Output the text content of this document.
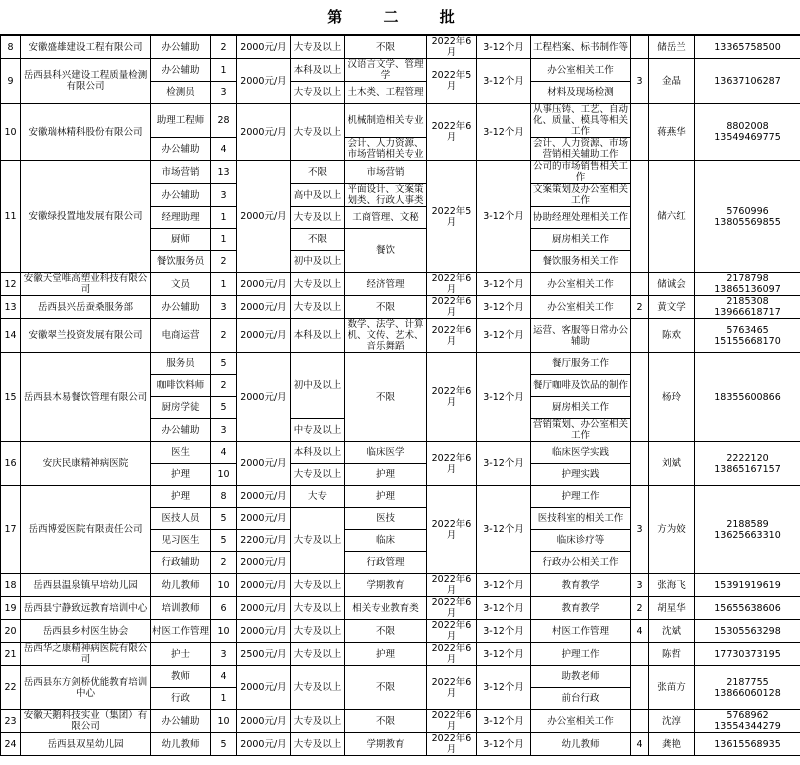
第 二 批
8	安徽盛雄建设工程有限公司	办公辅助	2	2000元/月	大专及以上	不限	2022年6月	3-12个月	工程档案、标书制作等		储岳兰	13365758500
9	岳西县科兴建设工程质量检测有限公司	办公辅助	1	2000元/月	本科及以上	汉语言文学、管理学	2022年5月	3-12个月	办公室相关工作	3	金晶	13637106287
		检测员	3		大专及以上	土木类、工程管理			材料及现场检测			
10	安徽瑞林精科股份有限公司	助理工程师	28	2000元/月	大专及以上	机械制造相关专业	2022年6月	3-12个月	从事压铸、工艺、自动化、质量、模具等相关工作		蒋燕华	8802008 13549469775
		办公辅助	4			会计、人力资源、市场营销相关专业			会计、人力资源、市场营销相关辅助工作			
11	安徽绿投置地发展有限公司	市场营销	13	2000元/月	不限	市场营销	2022年5月	3-12个月	公司的市场销售相关工作		储六红	5760996 13805569855
		办公辅助	3		高中及以上	平面设计、文案策划类、行政人事类			文案策划及办公室相关工作			
		经理助理	1		大专及以上	工商管理、文秘			协助经理处理相关工作			
		厨师	1		不限	餐饮			厨房相关工作			
		餐饮服务员	2		初中及以上				餐饮服务相关工作			
12	安徽天堂唯高塑业科技有限公司	文员	1	2000元/月	大专及以上	经济管理	2022年6月	3-12个月	办公室相关工作		储诚会	2178798 13865136097
13	岳西县兴岳蚕桑服务部	办公辅助	3	2000元/月	大专及以上	不限	2022年6月	3-12个月	办公室相关工作	2	黄文学	2185308 13966618717
14	安徽翠兰投资发展有限公司	电商运营	2	2000元/月	本科及以上	数学、法学、计算机、文传、艺术、音乐舞蹈	2022年6月	3-12个月	运营、客服等日常办公辅助		陈欢	5763465 15155668170
15	岳西县木易餐饮管理有限公司	服务员	5	2000元/月	初中及以上	不限	2022年6月	3-12个月	餐厅服务工作		杨玲	18355600866
		咖啡饮料师	2						餐厅咖啡及饮品的制作			
		厨房学徒	5						厨房相关工作			
		办公辅助	3		中专及以上				营销策划、办公室相关工作			
16	安庆民康精神病医院	医生	4	2000元/月	本科及以上	临床医学	2022年6月	3-12个月	临床医学实践		刘斌	2222120 13865167157
		护理	10		大专及以上	护理			护理实践			
17	岳西博爱医院有限责任公司	护理	8	2000元/月	大专	护理	2022年6月	3-12个月	护理工作	3	方为姣	2188589 13625663310
		医技人员	5	2000元/月	大专及以上	医技			医技科室的相关工作			
		见习医生	5	2200元/月		临床			临床诊疗等			
		行政辅助	2	2000元/月		行政管理			行政办公相关工作			
18	岳西县温泉镇早培幼儿园	幼儿教师	10	2000元/月	大专及以上	学期教育	2022年6月	3-12个月	教育教学	3	张海飞	15391919619
19	岳西县宁静致远教育培训中心	培训教师	6	2000元/月	大专及以上	相关专业教育类	2022年6月	3-12个月	教育教学	2	胡星华	15655638606
20	岳西县乡村医生协会	村医工作管理	10	2000元/月	大专及以上	不限	2022年6月	3-12个月	村医工作管理	4	沈斌	15305563298
21	岳西华之康精神病医院有限公司	护士	3	2500元/月	大专及以上	护理	2022年6月	3-12个月	护理工作		陈哲	17730373195
22	岳西县东方剑桥优能教育培训中心	教师	4	2000元/月	大专及以上	不限	2022年6月	3-12个月	助教老师		张苗方	2187755 13866060128
		行政	1						前台行政			
23	安徽天鹅科技实业（集团）有限公司	办公辅助	10	2000元/月	大专及以上	不限	2022年6月	3-12个月	办公室相关工作		沈淳	5768962 13554344279
24	岳西县双星幼儿园	幼儿教师	5	2000元/月	大专及以上	学期教育	2022年6月	3-12个月	幼儿教师	4	龚艳	13615568935
